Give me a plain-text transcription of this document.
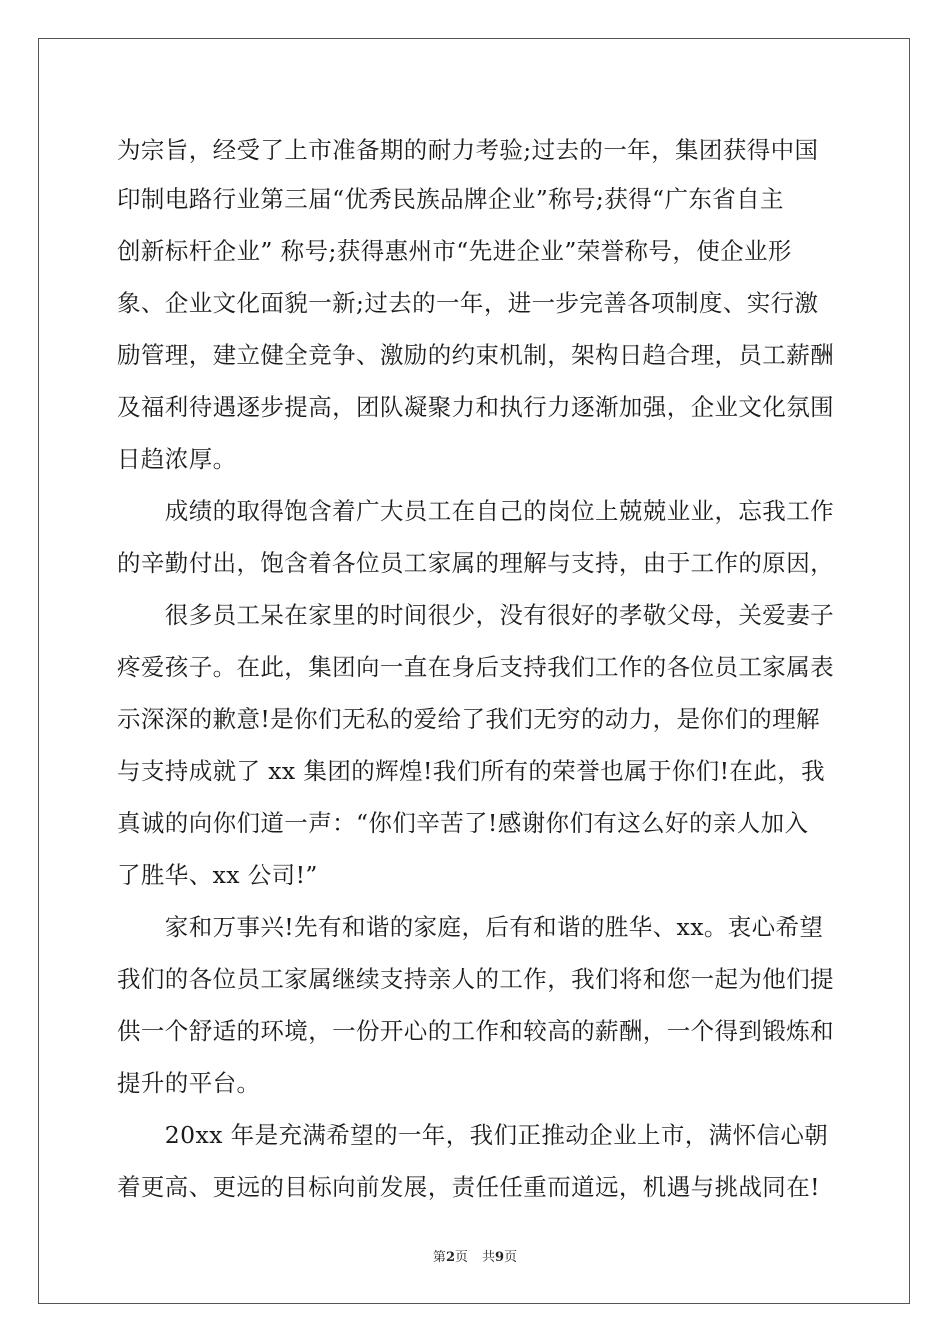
为宗旨，经受了上市准备期的耐力考验;过去的一年，集团获得中国
印制电路行业第三届“优秀民族品牌企业”称号;获得“广东省自主
创新标杆企业” 称号;获得惠州市“先进企业”荣誉称号，使企业形
象、企业文化面貌一新;过去的一年，进一步完善各项制度、实行激
励管理，建立健全竞争、激励的约束机制，架构日趋合理，员工薪酬
及福利待遇逐步提高，团队凝聚力和执行力逐渐加强，企业文化氛围
日趋浓厚。
　　成绩的取得饱含着广大员工在自己的岗位上兢兢业业，忘我工作
的辛勤付出，饱含着各位员工家属的理解与支持，由于工作的原因，
　　很多员工呆在家里的时间很少，没有很好的孝敬父母，关爱妻子
疼爱孩子。在此，集团向一直在身后支持我们工作的各位员工家属表
示深深的歉意!是你们无私的爱给了我们无穷的动力，是你们的理解
与支持成就了 xx 集团的辉煌!我们所有的荣誉也属于你们!在此，我
真诚的向你们道一声：“你们辛苦了!感谢你们有这么好的亲人加入
了胜华、xx 公司!”
　　家和万事兴!先有和谐的家庭，后有和谐的胜华、xx。衷心希望
我们的各位员工家属继续支持亲人的工作，我们将和您一起为他们提
供一个舒适的环境，一份开心的工作和较高的薪酬，一个得到锻炼和
提升的平台。
　　20xx 年是充满希望的一年，我们正推动企业上市，满怀信心朝
着更高、更远的目标向前发展，责任任重而道远，机遇与挑战同在!
第2页 共9页
